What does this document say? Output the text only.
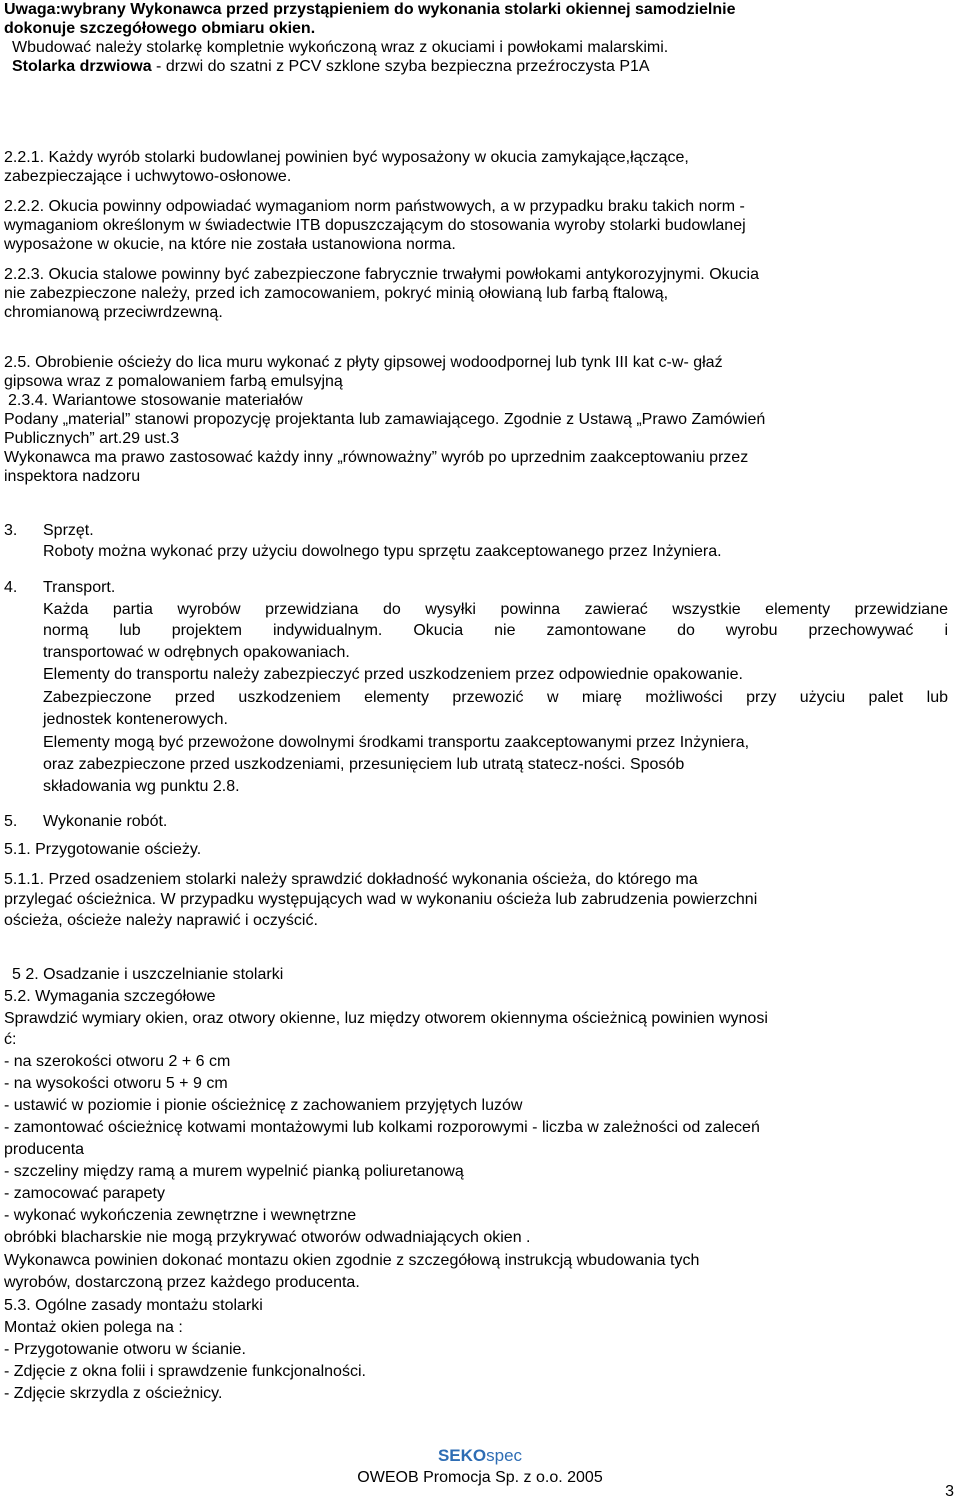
Uwaga:wybrany Wykonawca przed przystąpieniem do wykonania stolarki okiennej samodzielnie
dokonuje szczegółowego obmiaru okien.
Wbudować należy stolarkę kompletnie wykończoną wraz z okuciami i powłokami malarskimi.
Stolarka drzwiowa - drzwi do szatni z PCV szklone szyba bezpieczna przeźroczysta P1A
2.2.1. Każdy wyrób stolarki budowlanej powinien być wyposażony w okucia zamykające,łączące,
zabezpieczające i uchwytowo-osłonowe.
2.2.2. Okucia powinny odpowiadać wymaganiom norm państwowych, a w przypadku braku takich norm -
wymaganiom określonym w świadectwie ITB dopuszczającym do stosowania wyroby stolarki budowlanej
wyposażone w okucie, na które nie została ustanowiona norma.
2.2.3. Okucia stalowe powinny być zabezpieczone fabrycznie trwałymi powłokami antykorozyjnymi. Okucia
nie zabezpieczone należy, przed ich zamocowaniem, pokryć minią ołowianą lub farbą ftalową,
chromianową przeciwrdzewną.
2.5. Obrobienie ościeży do lica muru wykonać z płyty gipsowej wodoodpornej lub tynk III kat c-w- głaź
gipsowa wraz z pomalowaniem farbą emulsyjną
2.3.4. Wariantowe stosowanie materiałów
Podany „material” stanowi propozycję projektanta lub zamawiającego. Zgodnie z Ustawą „Prawo Zamówień
Publicznych” art.29 ust.3
Wykonawca ma prawo zastosować każdy inny „równoważny” wyrób po uprzednim zaakceptowaniu przez
inspektora nadzoru
3. Sprzęt.
Roboty można wykonać przy użyciu dowolnego typu sprzętu zaakceptowanego przez Inżyniera.
4. Transport.
Każda partia wyrobów przewidziana do wysyłki powinna zawierać wszystkie elementy przewidziane
normą lub projektem indywidualnym. Okucia nie zamontowane do wyrobu przechowywać i
transportować w odrębnych opakowaniach.
Elementy do transportu należy zabezpieczyć przed uszkodzeniem przez odpowiednie opakowanie.
Zabezpieczone przed uszkodzeniem elementy przewozić w miarę możliwości przy użyciu palet lub
jednostek kontenerowych.
Elementy mogą być przewożone dowolnymi środkami transportu zaakceptowanymi przez Inżyniera,
oraz zabezpieczone przed uszkodzeniami, przesunięciem lub utratą statecz-ności. Sposób
składowania wg punktu 2.8.
5. Wykonanie robót.
5.1. Przygotowanie ościeży.
5.1.1. Przed osadzeniem stolarki należy sprawdzić dokładność wykonania ościeża, do którego ma
przylegać ościeżnica. W przypadku występujących wad w wykonaniu ościeża lub zabrudzenia powierzchni
ościeża, ościeże należy naprawić i oczyścić.
5 2. Osadzanie i uszczelnianie stolarki
5.2. Wymagania szczegółowe
Sprawdzić wymiary okien, oraz otwory okienne, luz między otworem okiennyma ościeżnicą powinien wynosi
ć:
- na szerokości otworu 2 + 6 cm
- na wysokości otworu 5 + 9 cm
- ustawić w poziomie i pionie ościeżnicę z zachowaniem przyjętych luzów
- zamontować ościeżnicę kotwami montażowymi lub kolkami rozporowymi - liczba w zależności od zaleceń
producenta
- szczeliny między ramą a murem wypelnić pianką poliuretanową
- zamocować parapety
- wykonać wykończenia zewnętrzne i wewnętrzne
obróbki blacharskie nie mogą przykrywać otworów odwadniających okien .
Wykonawca powinien dokonać montazu okien zgodnie z szczegółową instrukcją wbudowania tych
wyrobów, dostarczoną przez każdego producenta.
5.3. Ogólne zasady montażu stolarki
Montaż okien polega na :
- Przygotowanie otworu w ścianie.
- Zdjęcie z okna folii i sprawdzenie funkcjonalności.
- Zdjęcie skrzydla z ościeżnicy.
SEKOspec
OWEOB Promocja Sp. z o.o. 2005
3
